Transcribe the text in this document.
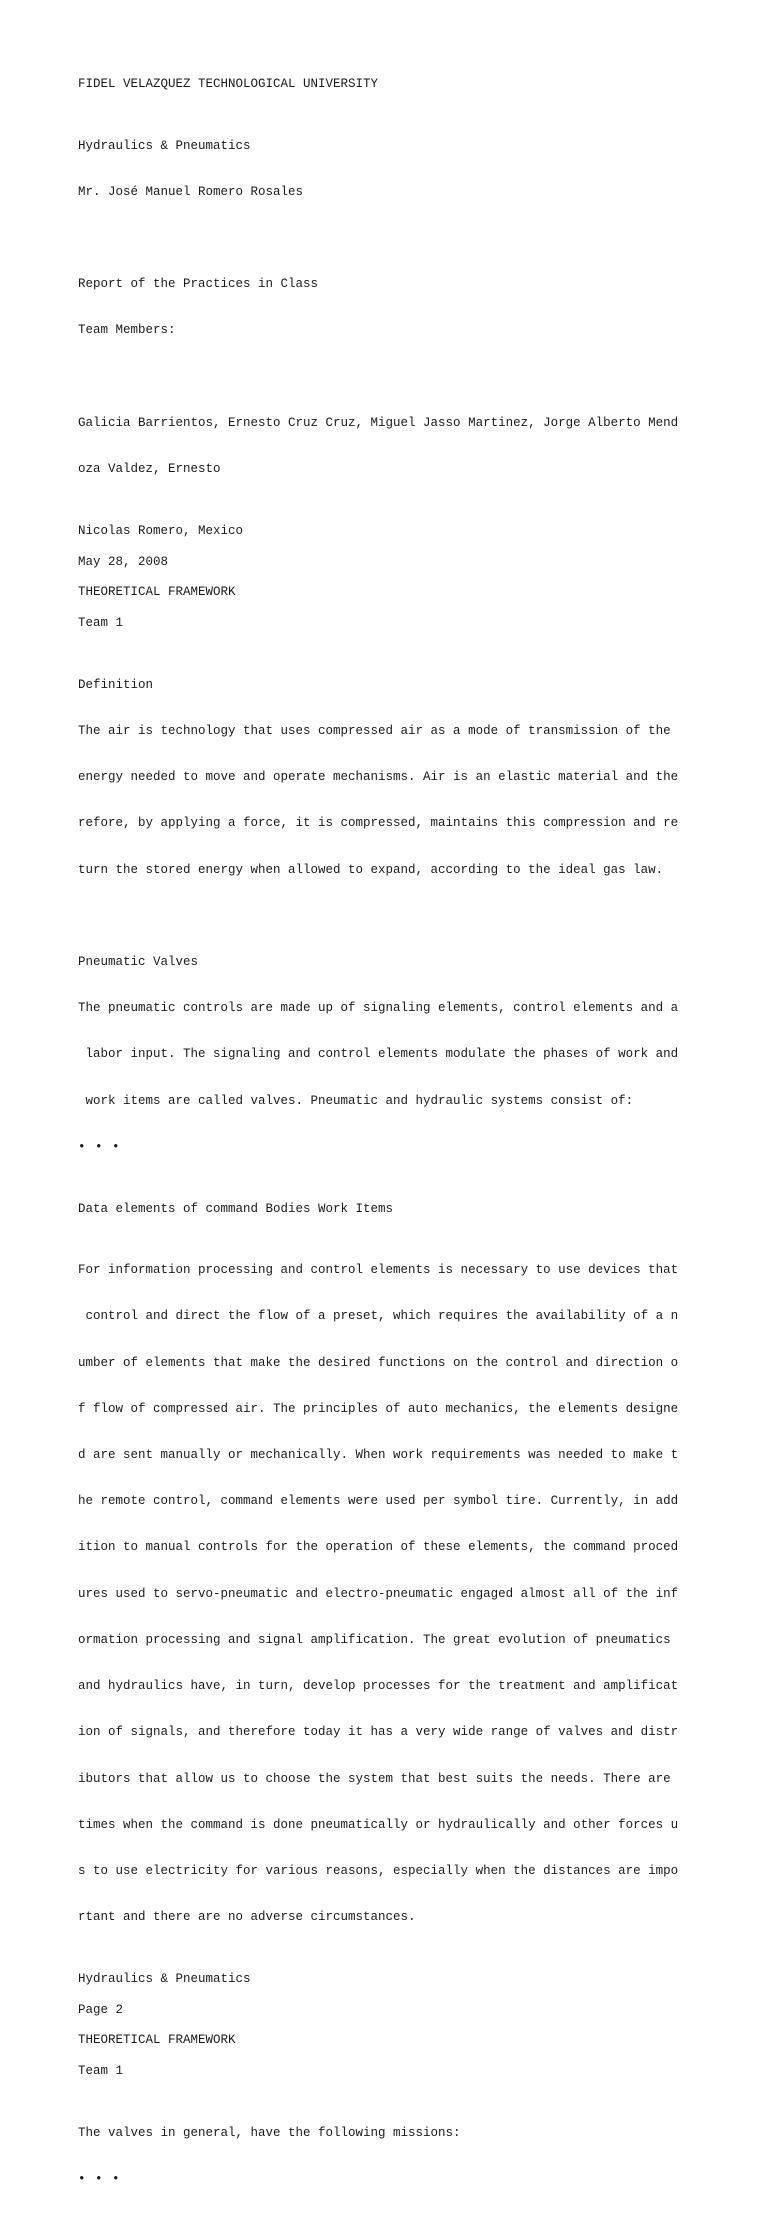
FIDEL VELAZQUEZ TECHNOLOGICAL UNIVERSITY

Hydraulics & Pneumatics

Mr. José Manuel Romero Rosales

Report of the Practices in Class

Team Members:

Galicia Barrientos, Ernesto Cruz Cruz, Miguel Jasso Martinez, Jorge Alberto Mend

oza Valdez, Ernesto

Nicolas Romero, Mexico

May 28, 2008

THEORETICAL FRAMEWORK

Team 1

Definition

The air is technology that uses compressed air as a mode of transmission of the

energy needed to move and operate mechanisms. Air is an elastic material and the

refore, by applying a force, it is compressed, maintains this compression and re

turn the stored energy when allowed to expand, according to the ideal gas law.

Pneumatic Valves

The pneumatic controls are made up of signaling elements, control elements and a

labor input. The signaling and control elements modulate the phases of work and

work items are called valves. Pneumatic and hydraulic systems consist of:

• • •

Data elements of command Bodies Work Items

For information processing and control elements is necessary to use devices that

control and direct the flow of a preset, which requires the availability of a n

umber of elements that make the desired functions on the control and direction o

f flow of compressed air. The principles of auto mechanics, the elements designe

d are sent manually or mechanically. When work requirements was needed to make t

he remote control, command elements were used per symbol tire. Currently, in add

ition to manual controls for the operation of these elements, the command proced

ures used to servo-pneumatic and electro-pneumatic engaged almost all of the inf

ormation processing and signal amplification. The great evolution of pneumatics

and hydraulics have, in turn, develop processes for the treatment and amplificat

ion of signals, and therefore today it has a very wide range of valves and distr

ibutors that allow us to choose the system that best suits the needs. There are

times when the command is done pneumatically or hydraulically and other forces u

s to use electricity for various reasons, especially when the distances are impo

rtant and there are no adverse circumstances.

Hydraulics & Pneumatics

Page 2

THEORETICAL FRAMEWORK

Team 1

The valves in general, have the following missions:

• • •
